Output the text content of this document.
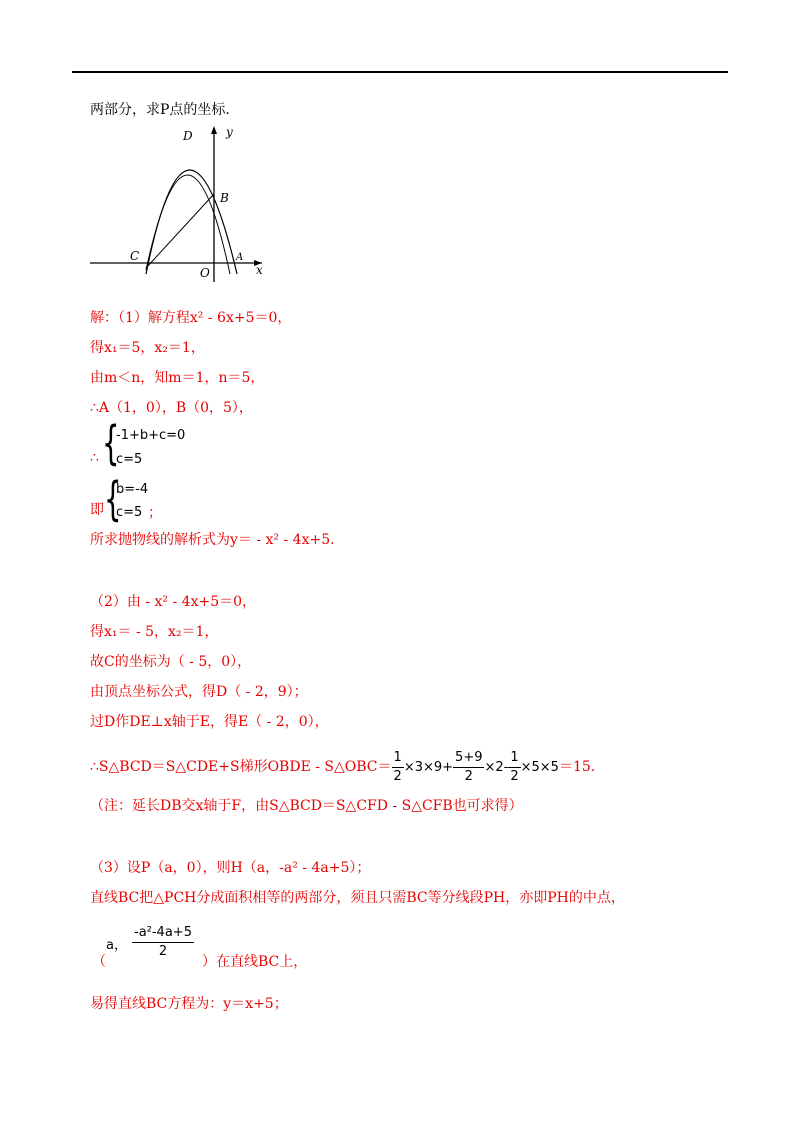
两部分，求P点的坐标．
D
B
C
O
A
x
y
解：（1）解方程x² - 6x+5＝0，
得x₁＝5，x₂＝1，
由m＜n，知m＝1，n＝5，
∴A（1，0），B（0，5），
∴ {
-1+b+c=0
c=5
即 {
b=-4
c=5 ；
所求抛物线的解析式为y＝ - x² - 4x+5.
（2）由 - x² - 4x+5＝0，
得x₁＝ - 5，x₂＝1，
故C的坐标为（ - 5，0），
由顶点坐标公式，得D（ - 2，9）；
过D作DE⊥x轴于E，得E（ - 2，0），
∴S△BCD＝S△CDE+S梯形OBDE - S△OBC＝ $\frac{1}{2} \times 3\times 9+ \frac{5+9}{2} \times 2- \frac{1}{2} \times 5\times 5=15$.
（注：延长DB交x轴于F，由S△BCD＝S△CFD - S△CFB也可求得）
（3）设P（a，0），则H（a，-a² - 4a+5）；
直线BC把△PCH分成面积相等的两部分，须且只需BC等分线段PH，亦即PH的中点，
（
a， $\frac{\text{-a²-4a+5}}{2}$
）在直线BC上，
易得直线BC方程为：y＝x+5；
